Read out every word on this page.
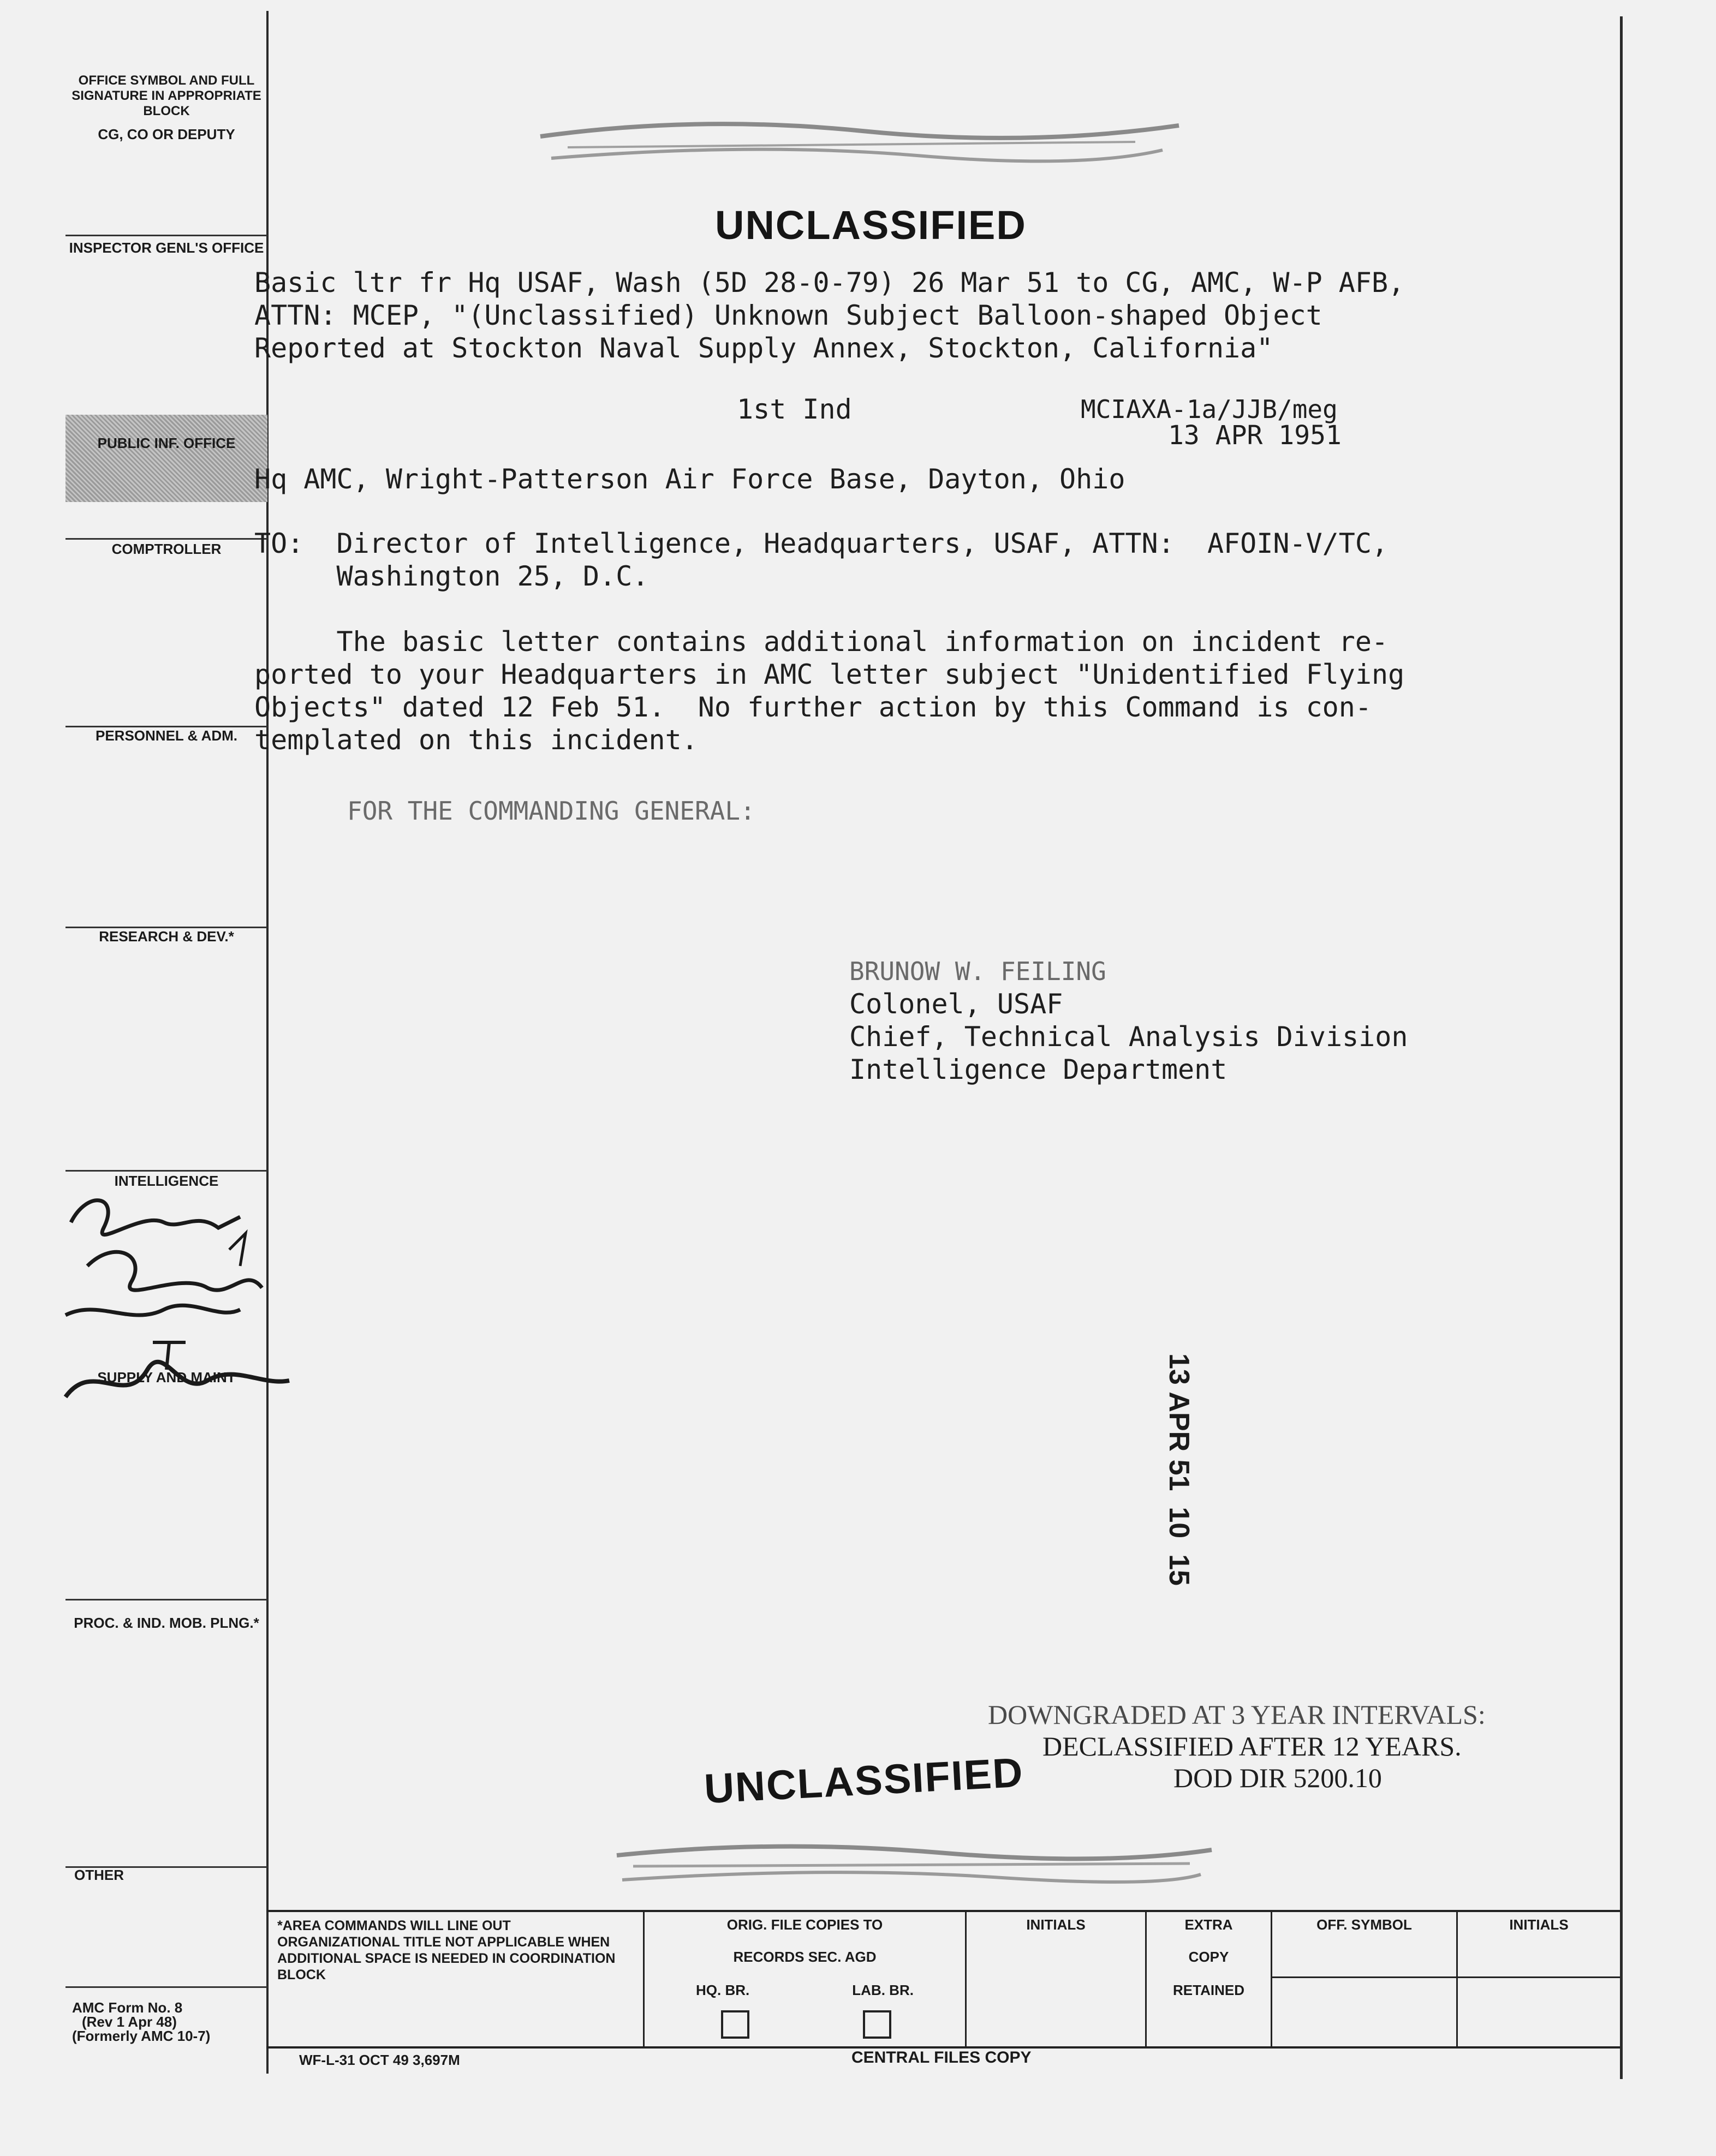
OFFICE SYMBOL AND FULL SIGNATURE IN APPROPRIATE BLOCK
CG, CO OR DEPUTY
INSPECTOR GENL'S OFFICE
PUBLIC INF. OFFICE
COMPTROLLER
PERSONNEL & ADM.
RESEARCH & DEV.*
INTELLIGENCE
SUPPLY AND MAINT
PROC. & IND. MOB. PLNG.*
OTHER
UNCLASSIFIED
Basic ltr fr Hq USAF, Wash (5D 28-0-79) 26 Mar 51 to CG, AMC, W-P AFB,
ATTN: MCEP, "(Unclassified) Unknown Subject Balloon-shaped Object
Reported at Stockton Naval Supply Annex, Stockton, California"
1st Ind	MCIAXA-1a/JJB/meg
13 APR 1951
Hq AMC, Wright-Patterson Air Force Base, Dayton, Ohio
TO:  Director of Intelligence, Headquarters, USAF, ATTN:  AFOIN-V/TC,
Washington 25, D.C.
The basic letter contains additional information on incident re-
ported to your Headquarters in AMC letter subject "Unidentified Flying
Objects" dated 12 Feb 51.  No further action by this Command is con-
templated on this incident.
FOR THE COMMANDING GENERAL:
BRUNOW W. FEILING
Colonel, USAF
Chief, Technical Analysis Division
Intelligence Department
13 APR 51  10  15
DOWNGRADED AT 3 YEAR INTERVALS:
DECLASSIFIED AFTER 12 YEARS.
DOD DIR 5200.10
UNCLASSIFIED
*AREA COMMANDS WILL LINE OUT ORGANIZATIONAL TITLE NOT APPLICABLE WHEN ADDITIONAL SPACE IS NEEDED IN COORDINATION BLOCK
ORIG. FILE COPIES TO
RECORDS SEC. AGD
HQ. BR.	LAB. BR.
INITIALS	EXTRA
COPY
RETAINED
OFF. SYMBOL	INITIALS
AMC Form No. 8
(Rev 1 Apr 48)
(Formerly AMC 10-7)
WF-L-31 OCT 49 3,697M	CENTRAL FILES COPY
